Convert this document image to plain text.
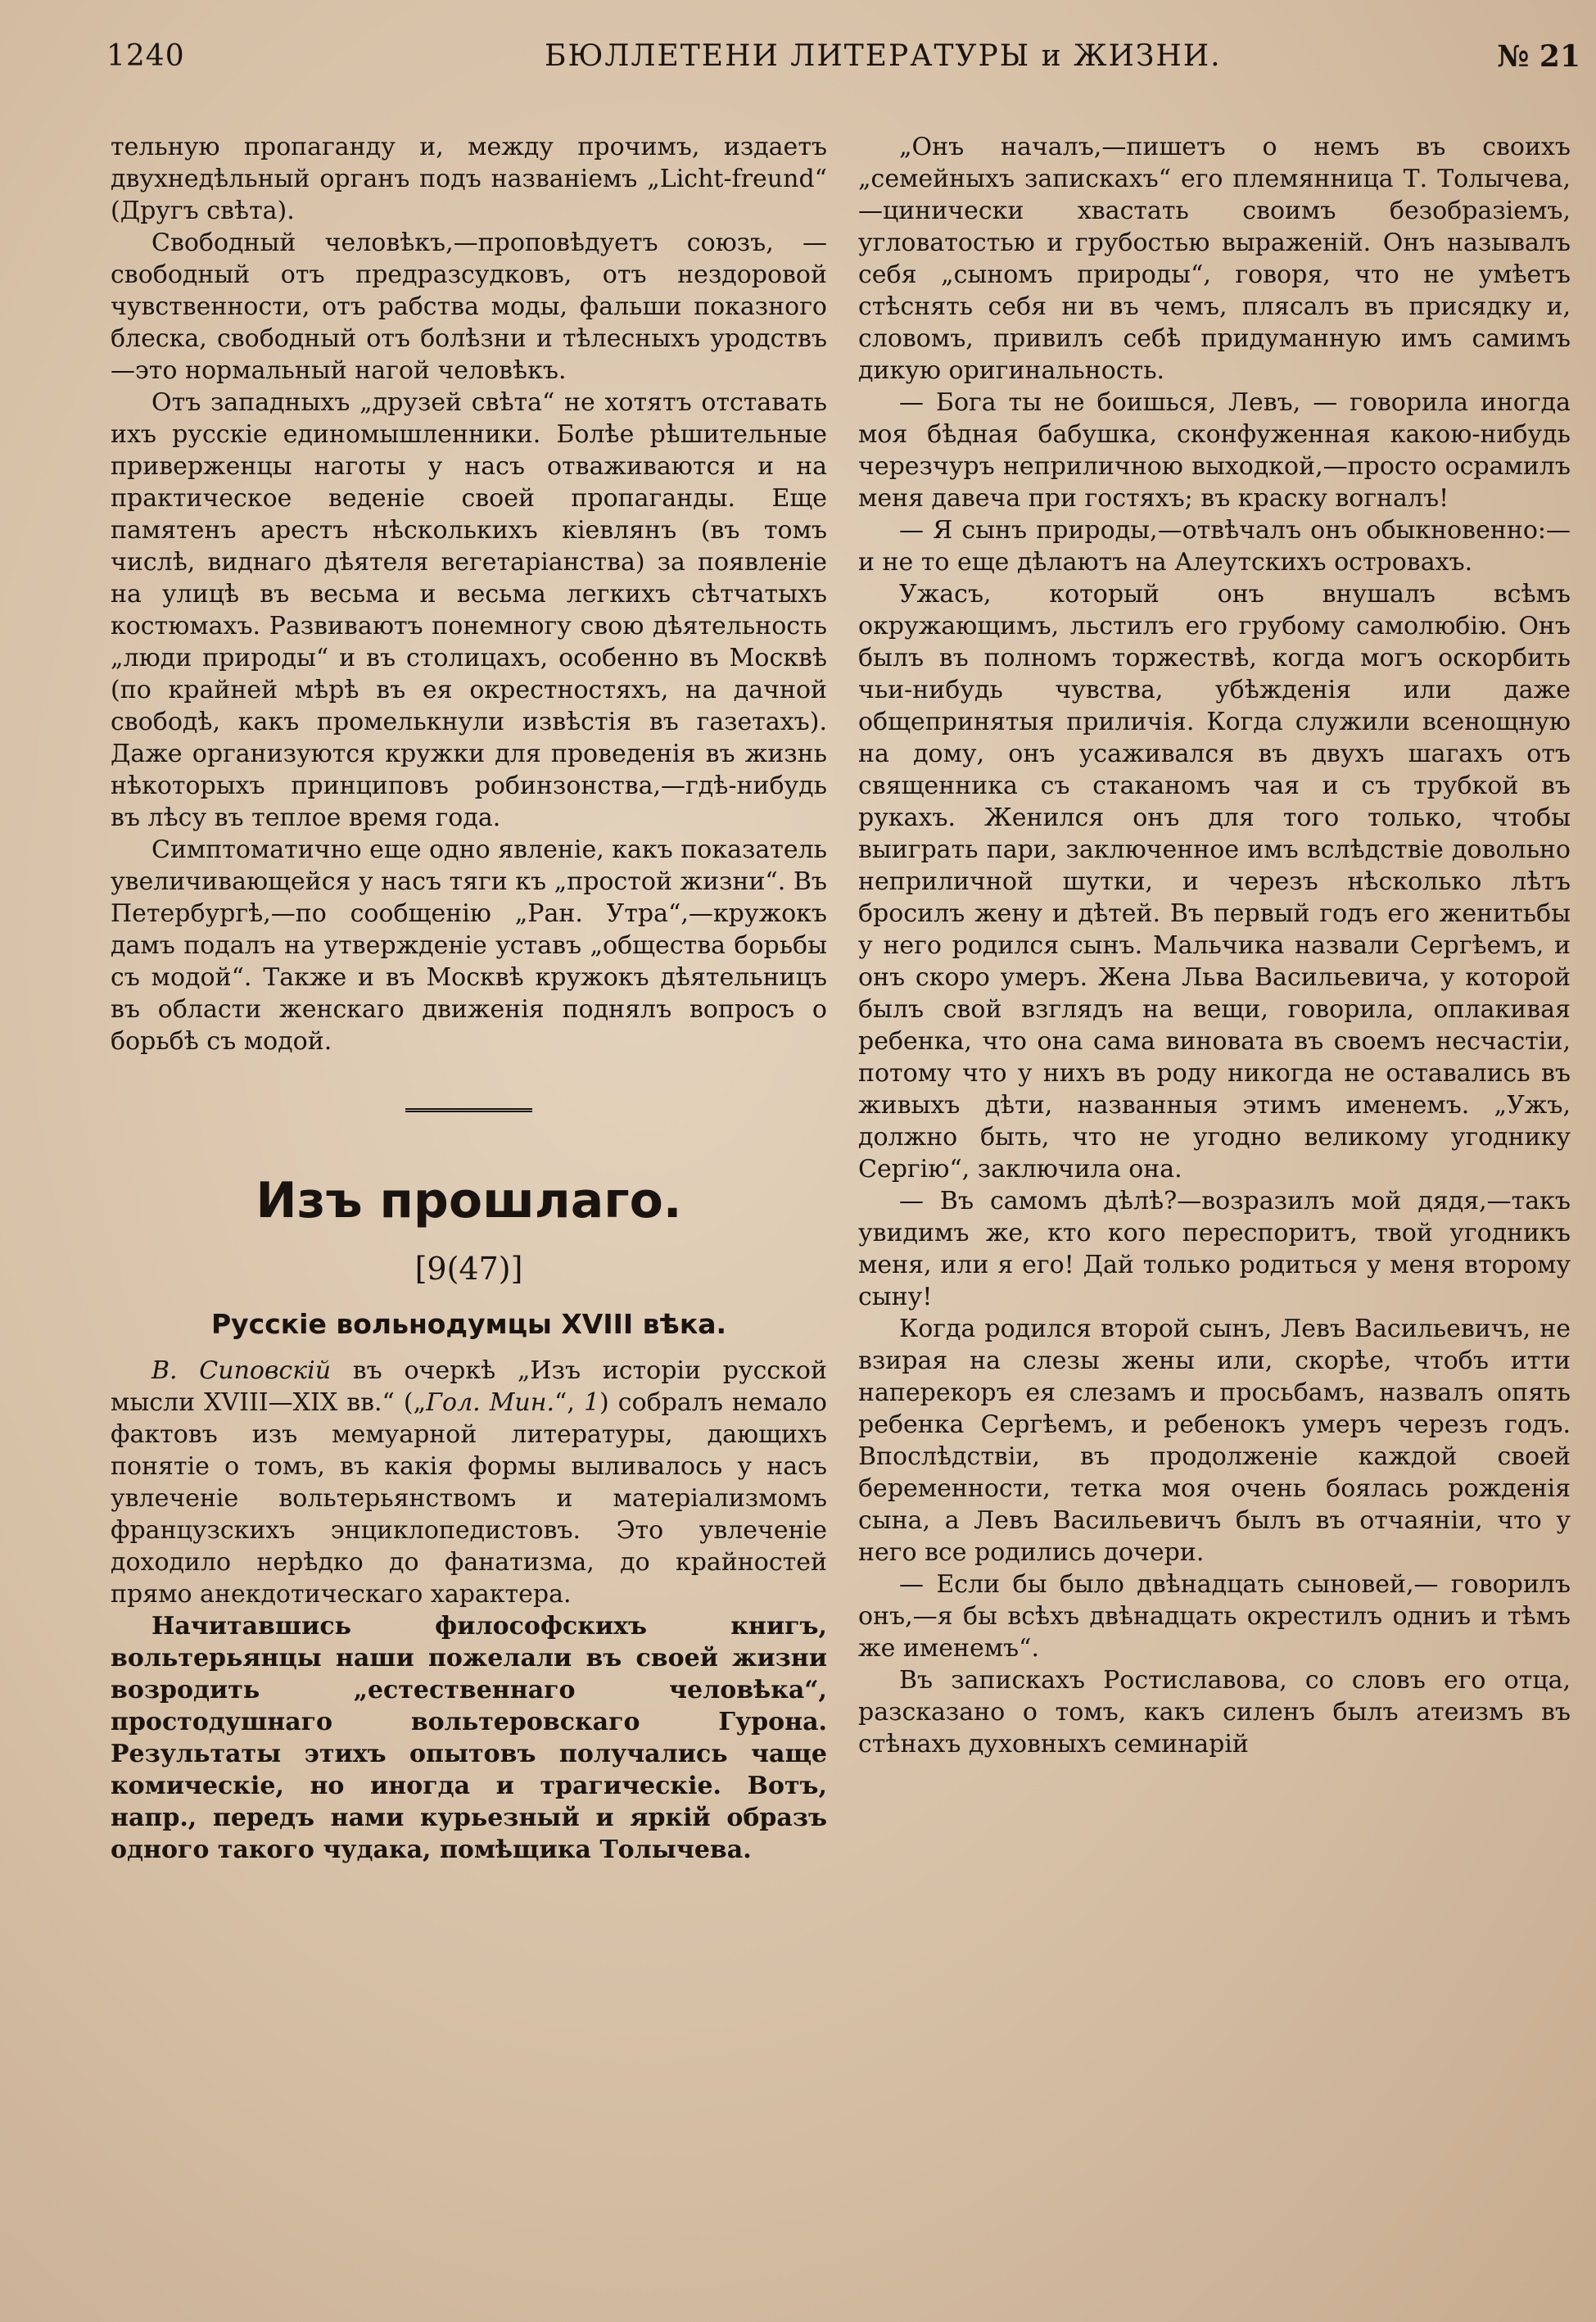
1240	БЮЛЛЕТЕНИ ЛИТЕРАТУРЫ и ЖИЗНИ.	№ 21

тельную пропаганду и, между прочимъ, издаетъ двухнедѣльный органъ подъ названіемъ „Licht-freund“ (Другъ свѣта).

Свободный человѣкъ,—проповѣдуетъ союзъ, —свободный отъ предразсудковъ, отъ нездоровой чувственности, отъ рабства моды, фальши показного блеска, свободный отъ болѣзни и тѣлесныхъ уродствъ—это нормальный нагой человѣкъ.

Отъ западныхъ „друзей свѣта“ не хотятъ отставать ихъ русскіе единомышленники. Болѣе рѣшительные приверженцы наготы у насъ отваживаются и на практическое веденіе своей пропаганды. Еще памятенъ арестъ нѣсколькихъ кіевлянъ (въ томъ числѣ, виднаго дѣятеля вегетаріанства) за появленіе на улицѣ въ весьма и весьма легкихъ сѣтчатыхъ костюмахъ. Развиваютъ понемногу свою дѣятельность „люди природы“ и въ столицахъ, особенно въ Москвѣ (по крайней мѣрѣ въ ея окрестностяхъ, на дачной свободѣ, какъ промелькнули извѣстія въ газетахъ). Даже организуются кружки для проведенія въ жизнь нѣкоторыхъ принциповъ робинзонства,—гдѣ-нибудь въ лѣсу въ теплое время года.

Симптоматично еще одно явленіе, какъ показатель увеличивающейся у насъ тяги къ „простой жизни“. Въ Петербургѣ,—по сообщенію „Ран. Утра“,—кружокъ дамъ подалъ на утвержденіе уставъ „общества борьбы съ модой“. Также и въ Москвѣ кружокъ дѣятельницъ въ области женскаго движенія поднялъ вопросъ о борьбѣ съ модой.

Изъ прошлаго.
[9(47)]
Русскіе вольнодумцы XVIII вѣка.

В. Сиповскій въ очеркѣ „Изъ исторіи русской мысли XVIII—XIX вв.“ („Гол. Мин.“, 1) собралъ немало фактовъ изъ мемуарной литературы, дающихъ понятіе о томъ, въ какія формы выливалось у насъ увлеченіе вольтерьянствомъ и матеріализмомъ французскихъ энциклопедистовъ. Это увлеченіе доходило нерѣдко до фанатизма, до крайностей прямо анекдотическаго характера.

Начитавшись философскихъ книгъ, вольтерьянцы наши пожелали въ своей жизни возродить „естественнаго человѣка“, простодушнаго вольтеровскаго Гурона. Результаты этихъ опытовъ получались чаще комическіе, но иногда и трагическіе. Вотъ, напр., передъ нами курьезный и яркій образъ одного такого чудака, помѣщика Толычева.

„Онъ началъ,—пишетъ о немъ въ своихъ „семейныхъ запискахъ“ его племянница Т. Толычева,—цинически хвастать своимъ безобразіемъ, угловатостью и грубостью выраженій. Онъ называлъ себя „сыномъ природы“, говоря, что не умѣетъ стѣснять себя ни въ чемъ, плясалъ въ присядку и, словомъ, привилъ себѣ придуманную имъ самимъ дикую оригинальность.

— Бога ты не боишься, Левъ, — говорила иногда моя бѣдная бабушка, сконфуженная какою-нибудь черезчуръ неприличною выходкой,—просто осрамилъ меня давеча при гостяхъ; въ краску вогналъ!

— Я сынъ природы,—отвѣчалъ онъ обыкновенно:—и не то еще дѣлаютъ на Алеутскихъ островахъ.

Ужасъ, который онъ внушалъ всѣмъ окружающимъ, льстилъ его грубому самолюбію. Онъ былъ въ полномъ торжествѣ, когда могъ оскорбить чьи-нибудь чувства, убѣжденія или даже общепринятыя приличія. Когда служили всенощную на дому, онъ усаживался въ двухъ шагахъ отъ священника съ стаканомъ чая и съ трубкой въ рукахъ. Женился онъ для того только, чтобы выиграть пари, заключенное имъ вслѣдствіе довольно неприличной шутки, и черезъ нѣсколько лѣтъ бросилъ жену и дѣтей. Въ первый годъ его женитьбы у него родился сынъ. Мальчика назвали Сергѣемъ, и онъ скоро умеръ. Жена Льва Васильевича, у которой былъ свой взглядъ на вещи, говорила, оплакивая ребенка, что она сама виновата въ своемъ несчастіи, потому что у нихъ въ роду никогда не оставались въ живыхъ дѣти, названныя этимъ именемъ. „Ужъ, должно быть, что не угодно великому угоднику Сергію“, заключила она.

— Въ самомъ дѣлѣ?—возразилъ мой дядя,—такъ увидимъ же, кто кого переспоритъ, твой угодникъ меня, или я его! Дай только родиться у меня второму сыну!

Когда родился второй сынъ, Левъ Васильевичъ, не взирая на слезы жены или, скорѣе, чтобъ итти наперекоръ ея слезамъ и просьбамъ, назвалъ опять ребенка Сергѣемъ, и ребенокъ умеръ черезъ годъ. Впослѣдствіи, въ продолженіе каждой своей беременности, тетка моя очень боялась рожденія сына, а Левъ Васильевичъ былъ въ отчаяніи, что у него все родились дочери.

— Если бы было двѣнадцать сыновей,— говорилъ онъ,—я бы всѣхъ двѣнадцать окрестилъ одниъ и тѣмъ же именемъ“.

Въ запискахъ Ростиславова, со словъ его отца, разсказано о томъ, какъ силенъ былъ атеизмъ въ стѣнахъ духовныхъ семинарій
